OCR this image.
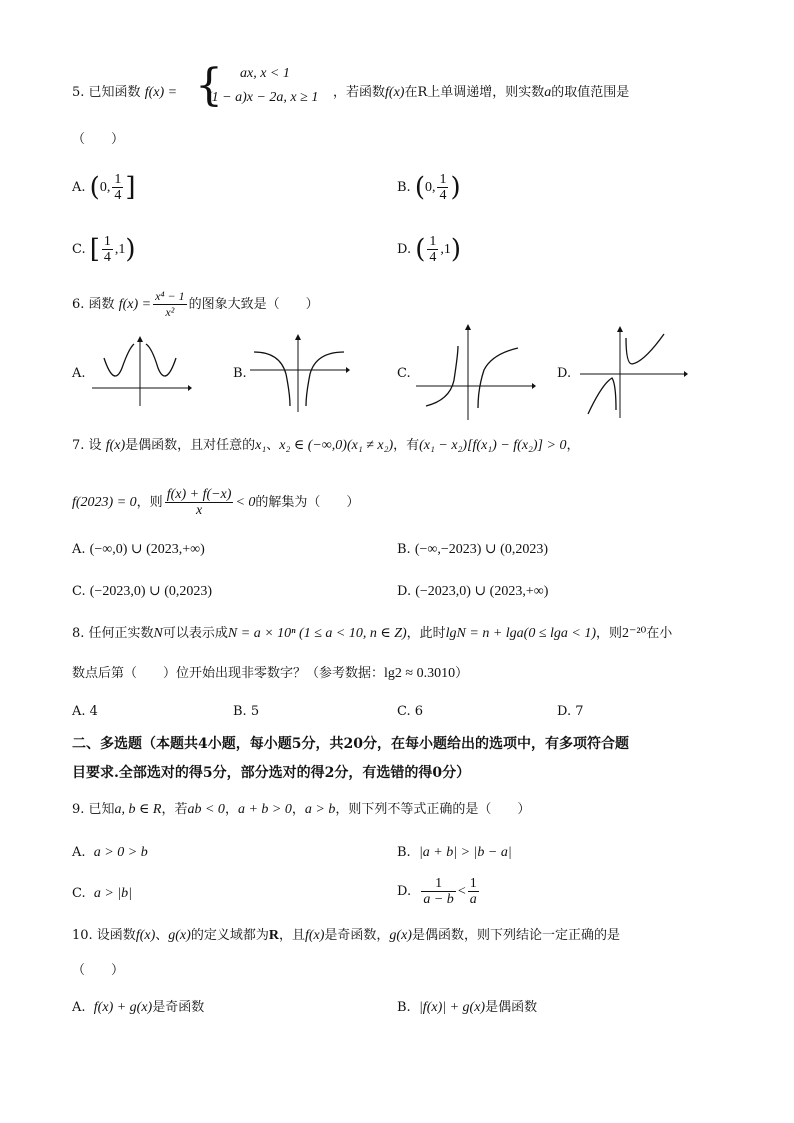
5. 已知函数 f(x) = { ax, x < 1
(1 − a)x − 2a, x ≥ 1 ，若函数f(x)在R上单调递增，则实数a的取值范围是
（　　）
A. (0, $\frac{1}{4}$ ]	B. (0, $\frac{1}{4}$ )
C. [ $\frac{1}{4} ,1$)	D. ( $\frac{1}{4} ,1$)
6. 函数 $f(x) = \frac{\text{x⁴ − 1}}{\text{x²}}$ 的图象大致是（　　）
A.	B.	C.	D.
7. 设 f(x)是偶函数，且对任意的x₁、x₂ ∈ (−∞,0)(x₁ ≠ x₂)，有(x₁ − x₂)[f(x₁) − f(x₂)] > 0，
f(2023) = 0，则 $\frac{f(x) + f(-x)}{x} < 0$的解集为（　　）
A. (−∞,0) ∪ (2023,+∞)	B. (−∞,−2023) ∪ (0,2023)
C. (−2023,0) ∪ (0,2023)	D. (−2023,0) ∪ (2023,+∞)
8. 任何正实数N可以表示成N = a × 10ⁿ (1 ≤ a < 10, n ∈ Z)，此时lgN = n + lga(0 ≤ lga < 1)，则2⁻²⁰在小
数点后第（　　）位开始出现非零数字？（参考数据：lg2 ≈ 0.3010）
A. 4	B. 5	C. 6	D. 7
二、多选题（本题共4小题，每小题5分，共20分，在每小题给出的选项中，有多项符合题
目要求.全部选对的得5分，部分选对的得2分，有选错的得0分）
9. 已知a, b ∈ R，若ab < 0，a + b > 0，a > b，则下列不等式正确的是（　　）
A. a > 0 > b	B. |a + b| > |b − a|
C. a > |b|	D. $\frac{1}{a - b} < \frac{1}{a}$
10. 设函数f(x)、g(x)的定义域都为R，且f(x)是奇函数，g(x)是偶函数，则下列结论一定正确的是
（　　）
A. f(x) + g(x)是奇函数	B. |f(x)| + g(x)是偶函数
